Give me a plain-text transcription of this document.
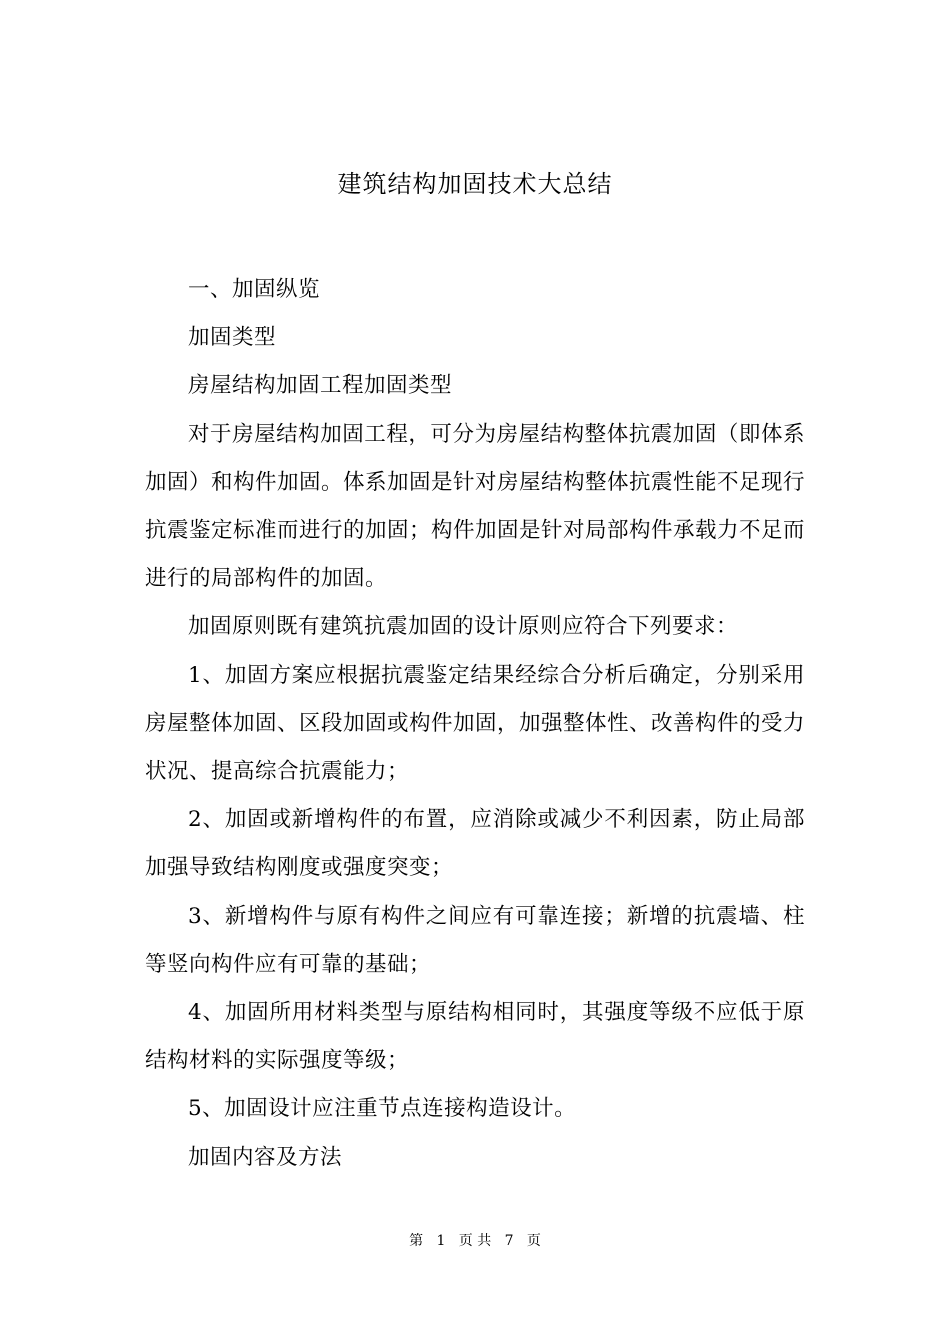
建筑结构加固技术大总结

一、加固纵览

加固类型

房屋结构加固工程加固类型

对于房屋结构加固工程，可分为房屋结构整体抗震加固（即体系加固）和构件加固。体系加固是针对房屋结构整体抗震性能不足现行抗震鉴定标准而进行的加固；构件加固是针对局部构件承载力不足而进行的局部构件的加固。

加固原则既有建筑抗震加固的设计原则应符合下列要求：

1、加固方案应根据抗震鉴定结果经综合分析后确定，分别采用房屋整体加固、区段加固或构件加固，加强整体性、改善构件的受力状况、提高综合抗震能力；

2、加固或新增构件的布置，应消除或减少不利因素，防止局部加强导致结构刚度或强度突变；

3、新增构件与原有构件之间应有可靠连接；新增的抗震墙、柱等竖向构件应有可靠的基础；

4、加固所用材料类型与原结构相同时，其强度等级不应低于原结构材料的实际强度等级；

5、加固设计应注重节点连接构造设计。

加固内容及方法

第 1 页 共 7 页
